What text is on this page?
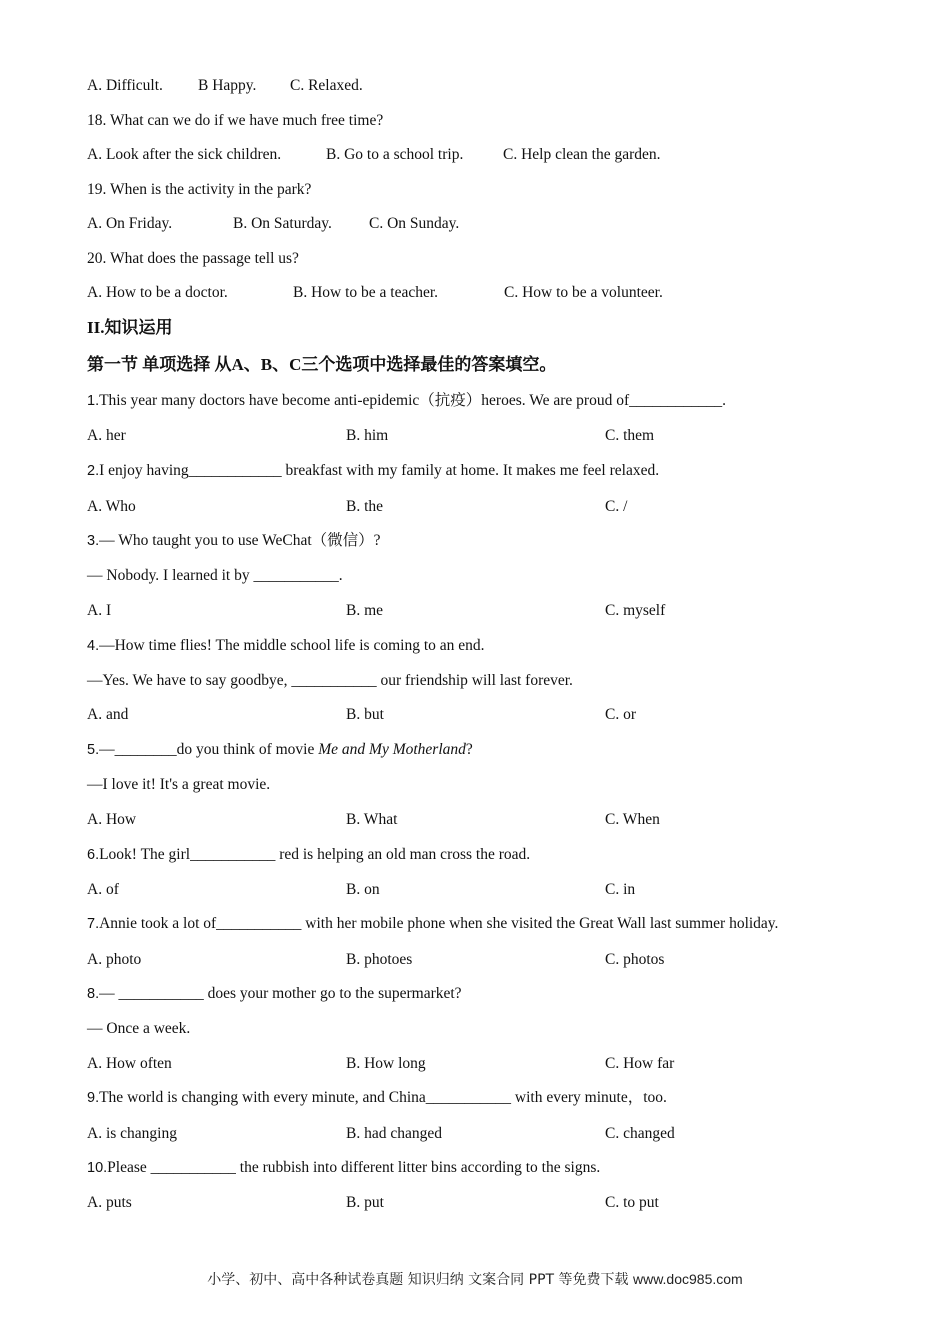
A. Difficult. B Happy. C. Relaxed.
18. What can we do if we have much free time?
A. Look after the sick children.	B. Go to a school trip.	C. Help clean the garden.
19. When is the activity in the park?
A. On Friday.	B. On Saturday. C. On Sunday.
20. What does the passage tell us?
A. How to be a doctor.	B. How to be a teacher.	C. How to be a volunteer.
II.知识运用
第一节 单项选择 从A、B、C三个选项中选择最佳的答案填空。
1.This year many doctors have become anti-epidemic（抗疫）heroes. We are proud of____________.
A. her	B. him	C. them
2.I enjoy having____________ breakfast with my family at home. It makes me feel relaxed.
A. Who	B. the	C. /
3.— Who taught you to use WeChat（微信）?
— Nobody. I learned it by ___________.
A. I	B. me	C. myself
4.—How time flies! The middle school life is coming to an end.
—Yes. We have to say goodbye, ___________ our friendship will last forever.
A. and	B. but	C. or
5.—________do you think of movie Me and My Motherland?
—I love it! It's a great movie.
A. How	B. What	C. When
6.Look! The girl___________ red is helping an old man cross the road.
A. of	B. on	C. in
7.Annie took a lot of___________ with her mobile phone when she visited the Great Wall last summer holiday.
A. photo	B. photoes	C. photos
8.— ___________ does your mother go to the supermarket?
— Once a week.
A. How often	B. How long	C. How far
9.The world is changing with every minute, and China___________ with every minute，too.
A. is changing	B. had changed	C. changed
10.Please ___________ the rubbish into different litter bins according to the signs.
A. puts	B. put	C. to put
小学、初中、高中各种试卷真题 知识归纳 文案合同 PPT 等免费下载 www.doc985.com
